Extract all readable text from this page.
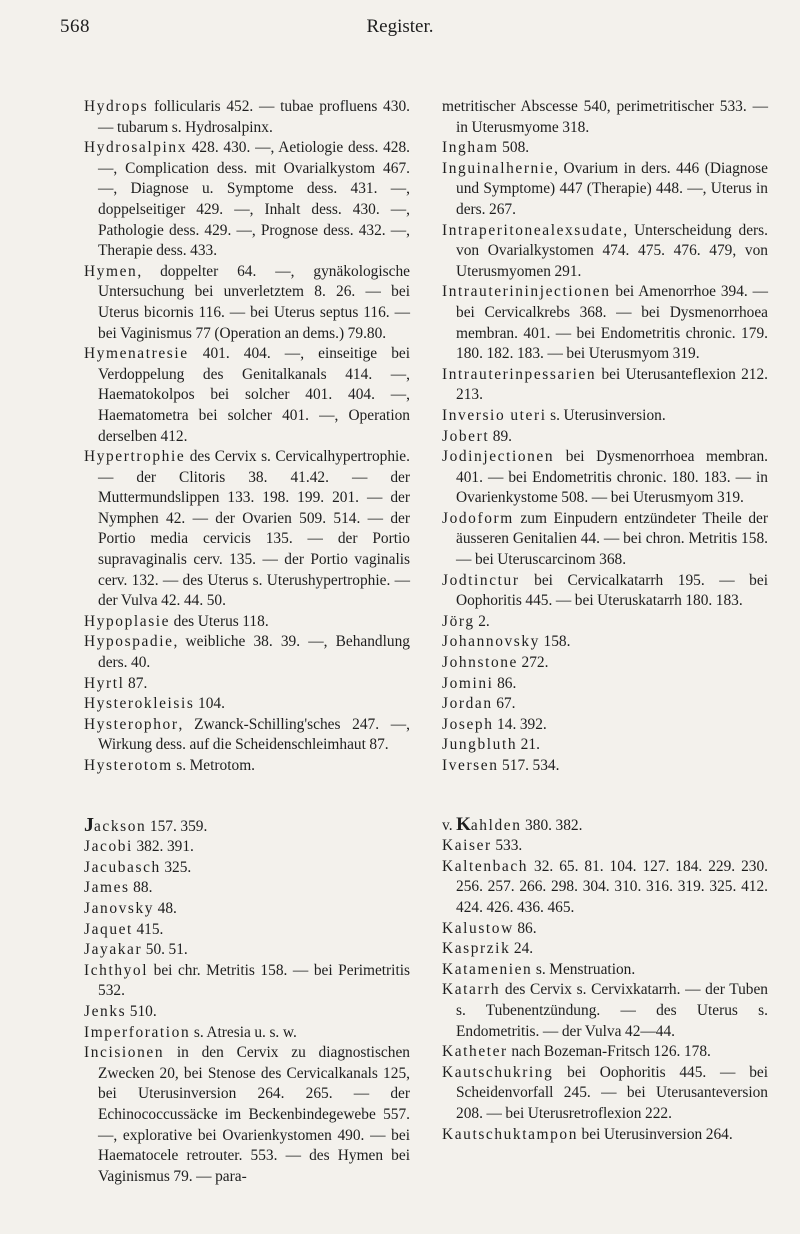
568	Register.
Hydrops follicularis 452. — tubae profluens 430. — tubarum s. Hydrosalpinx.
Hydrosalpinx 428. 430. —, Aetiologie dess. 428. —, Complication dess. mit Ovarialkystom 467. —, Diagnose u. Symptome dess. 431. —, doppelseitiger 429. —, Inhalt dess. 430. —, Pathologie dess. 429. —, Prognose dess. 432. —, Therapie dess. 433.
Hymen, doppelter 64. —, gynäkologische Untersuchung bei unverletztem 8. 26. — bei Uterus bicornis 116. — bei Uterus septus 116. — bei Vaginismus 77 (Operation an dems.) 79.80.
Hymenatresie 401. 404. —, einseitige bei Verdoppelung des Genitalkanals 414. —, Haematokolpos bei solcher 401. 404. —, Haematometra bei solcher 401. —, Operation derselben 412.
Hypertrophie des Cervix s. Cervicalhypertrophie. — der Clitoris 38. 41.42. — der Muttermundslippen 133. 198. 199. 201. — der Nymphen 42. — der Ovarien 509. 514. — der Portio media cervicis 135. — der Portio supravaginalis cerv. 135. — der Portio vaginalis cerv. 132. — des Uterus s. Uterushypertrophie. — der Vulva 42. 44. 50.
Hypoplasie des Uterus 118.
Hypospadie, weibliche 38. 39. —, Behandlung ders. 40.
Hyrtl 87.
Hysterokleisis 104.
Hysterophor, Zwanck-Schilling'sches 247. —, Wirkung dess. auf die Scheidenschleimhaut 87.
Hysterotom s. Metrotom.
Jackson 157. 359.
Jacobi 382. 391.
Jacubasch 325.
James 88.
Janovsky 48.
Jaquet 415.
Jayakar 50. 51.
Ichthyol bei chr. Metritis 158. — bei Perimetritis 532.
Jenks 510.
Imperforation s. Atresia u. s. w.
Incisionen in den Cervix zu diagnostischen Zwecken 20, bei Stenose des Cervicalkanals 125, bei Uterusinversion 264. 265. — der Echinococcussäcke im Beckenbindegewebe 557. —, explorative bei Ovarienkystomen 490. — bei Haematocele retrouter. 553. — des Hymen bei Vaginismus 79. — para-
metritischer Abscesse 540, perimetritischer 533. — in Uterusmyome 318.
Ingham 508.
Inguinalhernie, Ovarium in ders. 446 (Diagnose und Symptome) 447 (Therapie) 448. —, Uterus in ders. 267.
Intraperitonealexsudate, Unterscheidung ders. von Ovarialkystomen 474. 475. 476. 479, von Uterusmyomen 291.
Intrauterininjectionen bei Amenorrhoe 394. — bei Cervicalkrebs 368. — bei Dysmenorrhoea membran. 401. — bei Endometritis chronic. 179. 180. 182. 183. — bei Uterusmyom 319.
Intrauterinpessarien bei Uterusanteflexion 212. 213.
Inversio uteri s. Uterusinversion.
Jobert 89.
Jodinjectionen bei Dysmenorrhoea membran. 401. — bei Endometritis chronic. 180. 183. — in Ovarienkystome 508. — bei Uterusmyom 319.
Jodoform zum Einpudern entzündeter Theile der äusseren Genitalien 44. — bei chron. Metritis 158. — bei Uteruscarcinom 368.
Jodtinctur bei Cervicalkatarrh 195. — bei Oophoritis 445. — bei Uteruskatarrh 180. 183.
Jörg 2.
Johannovsky 158.
Johnstone 272.
Jomini 86.
Jordan 67.
Joseph 14. 392.
Jungbluth 21.
Iversen 517. 534.
v. Kahlden 380. 382.
Kaiser 533.
Kaltenbach 32. 65. 81. 104. 127. 184. 229. 230. 256. 257. 266. 298. 304. 310. 316. 319. 325. 412. 424. 426. 436. 465.
Kalustow 86.
Kasprzik 24.
Katamenien s. Menstruation.
Katarrh des Cervix s. Cervixkatarrh. — der Tuben s. Tubenentzündung. — des Uterus s. Endometritis. — der Vulva 42—44.
Katheter nach Bozeman-Fritsch 126. 178.
Kautschukring bei Oophoritis 445. — bei Scheidenvorfall 245. — bei Uterusanteversion 208. — bei Uterusretroflexion 222.
Kautschuktampon bei Uterusinversion 264.
